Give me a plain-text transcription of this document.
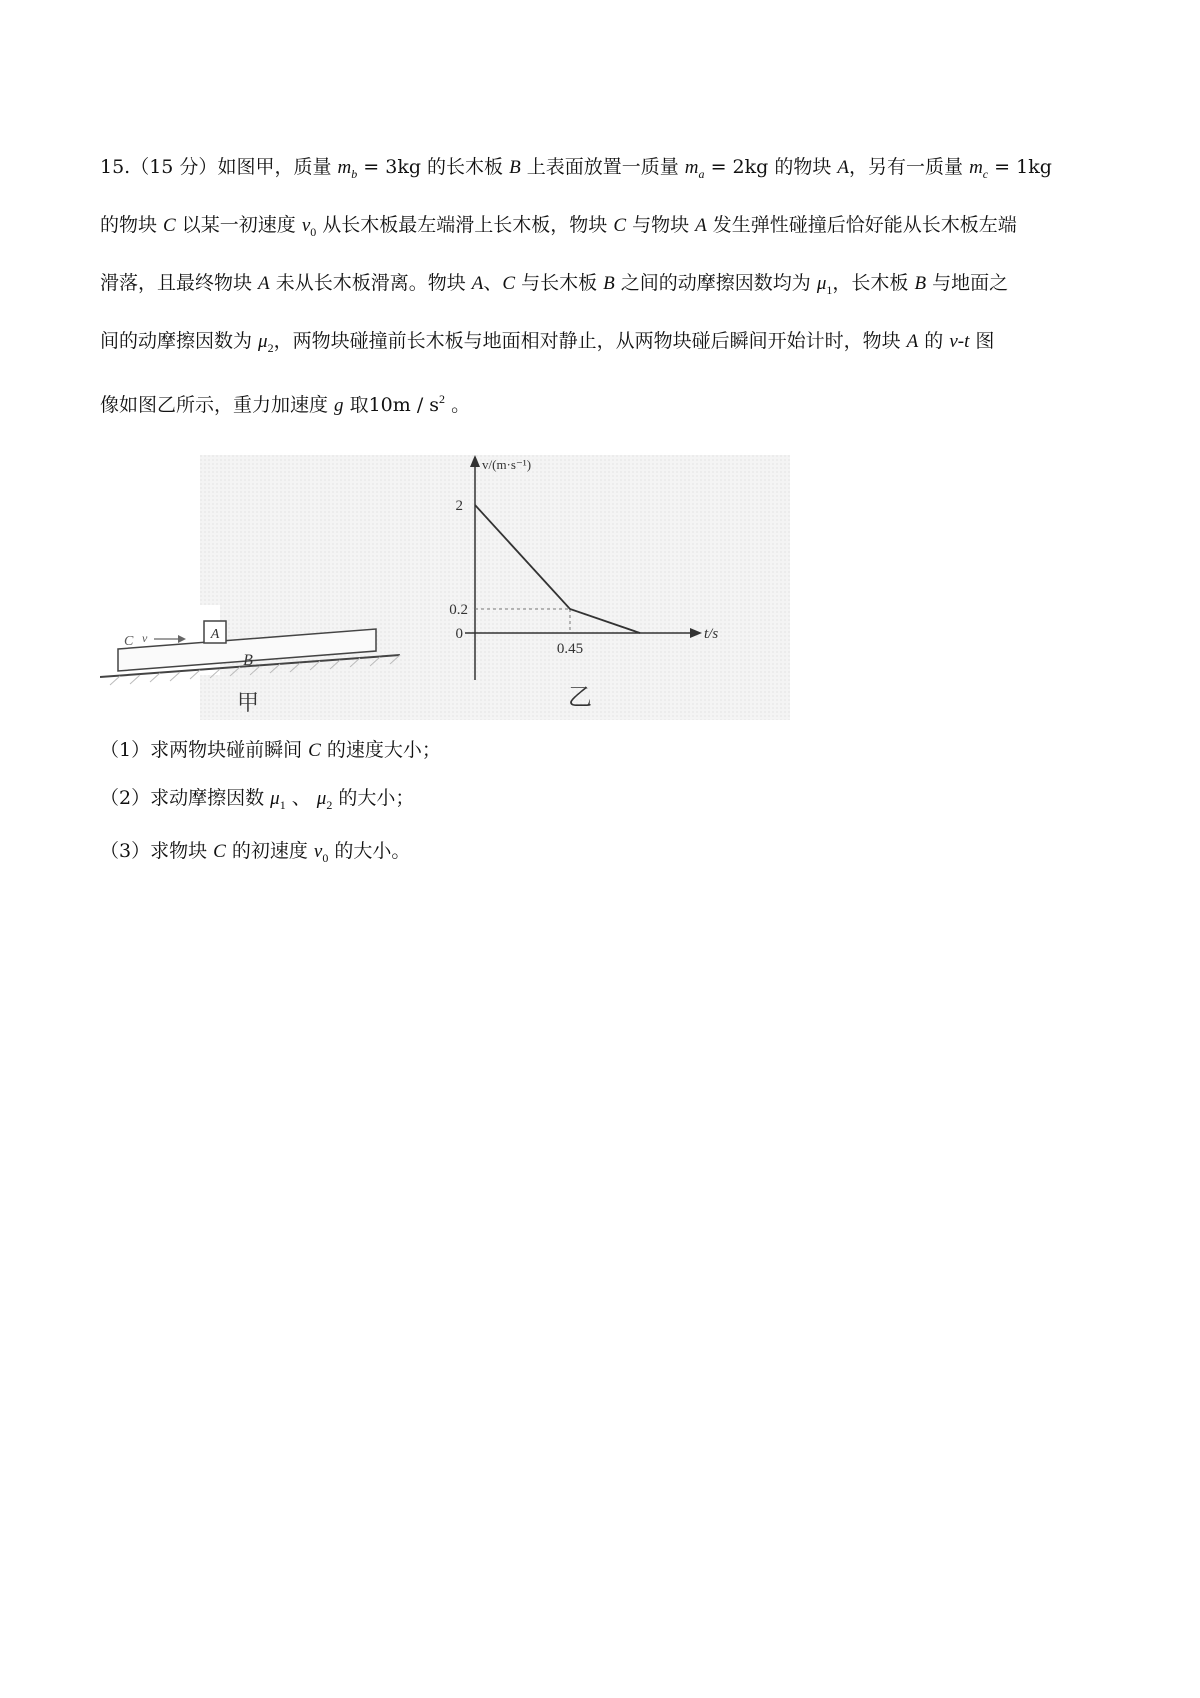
15.（15 分）如图甲，质量 $m_b = 3kg$ 的长木板 B 上表面放置一质量 $m_a = 2kg$ 的物块 A，另有一质量 $m_c = 1kg$
的物块 C 以某一初速度 $v_0$ 从长木板最左端滑上长木板，物块 C 与物块 A 发生弹性碰撞后恰好能从长木板左端
滑落，且最终物块 A 未从长木板滑离。物块 A、C 与长木板 B 之间的动摩擦因数均为 $\mu_1$，长木板 B 与地面之
间的动摩擦因数为 $\mu_2$，两物块碰撞前长木板与地面相对静止，从两物块碰后瞬间开始计时，物块 A 的 v-t 图
像如图乙所示，重力加速度 g 取$10m / s^2$ 。
A
B
C v
甲
v/(m·s⁻¹)
t/s
2
0.2
0
0.45
乙
（1）求两物块碰前瞬间 C 的速度大小；
（2）求动摩擦因数 $\mu_1$ 、 $\mu_2$ 的大小；
（3）求物块 C 的初速度 $v_0$ 的大小。
